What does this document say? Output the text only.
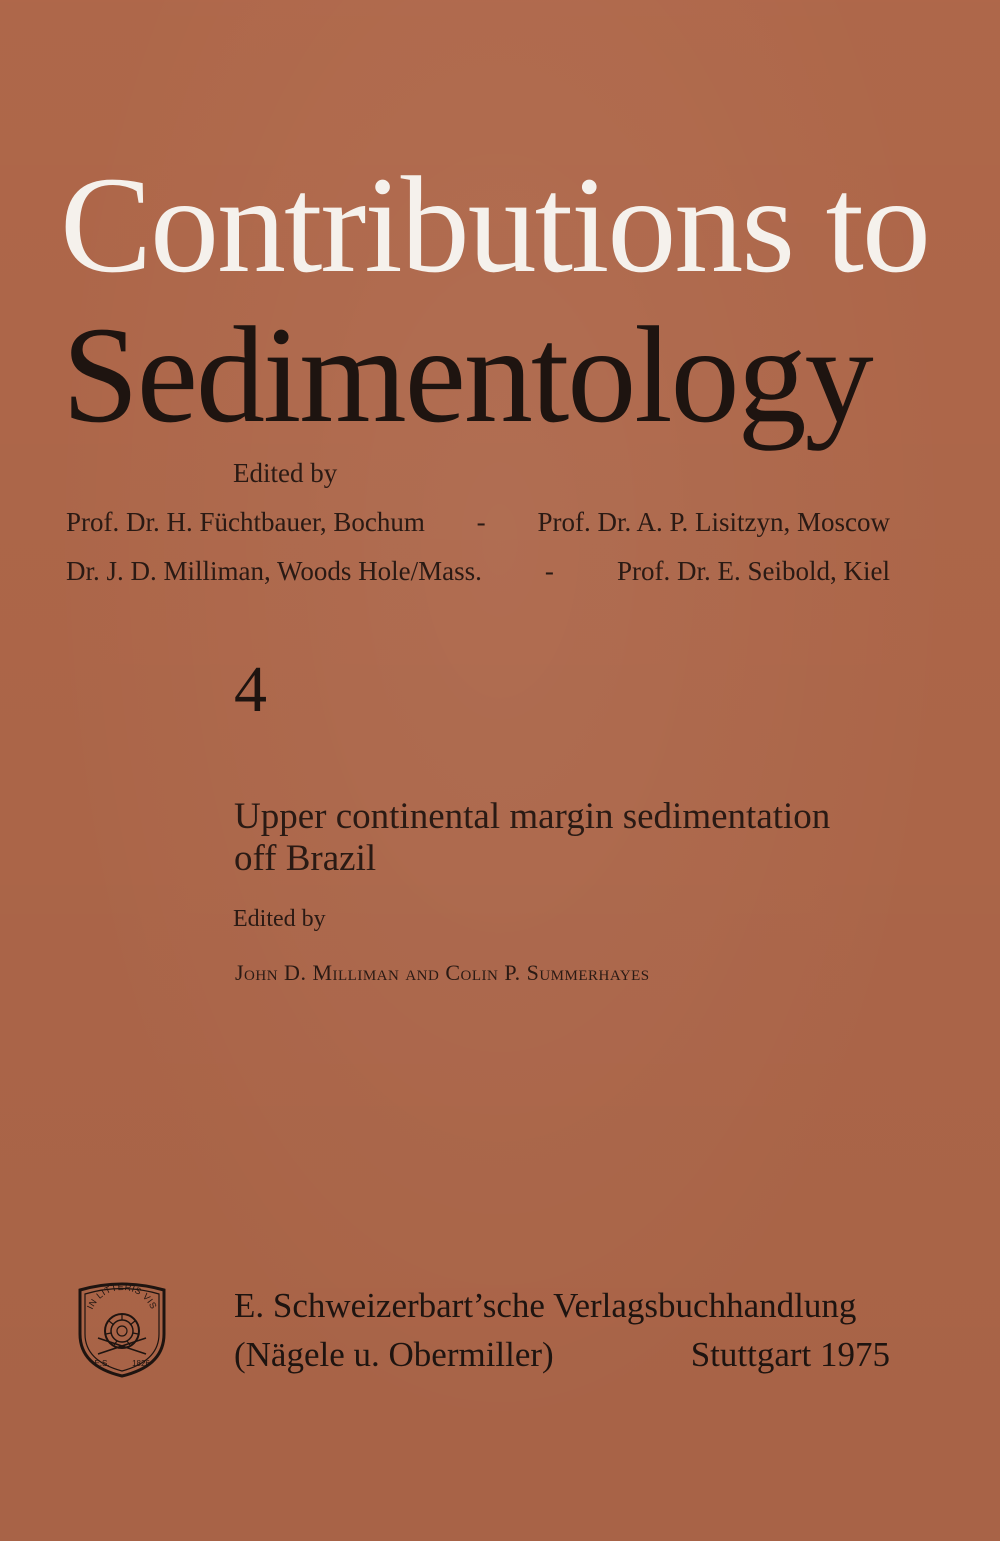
Contributions to
Sedimentology
Edited by
Prof. Dr. H. Füchtbauer, Bochum	-	Prof. Dr. A. P. Lisitzyn, Moscow
Dr. J. D. Milliman, Woods Hole/Mass.	-	Prof. Dr. E. Seibold, Kiel
4
Upper continental margin sedimentation
off Brazil
Edited by
John D. Milliman and Colin P. Summerhayes
IN LITTERIS VIS
E.S.	1826
E. Schweizerbart’sche Verlagsbuchhandlung
(Nägele u. Obermiller)	Stuttgart 1975
